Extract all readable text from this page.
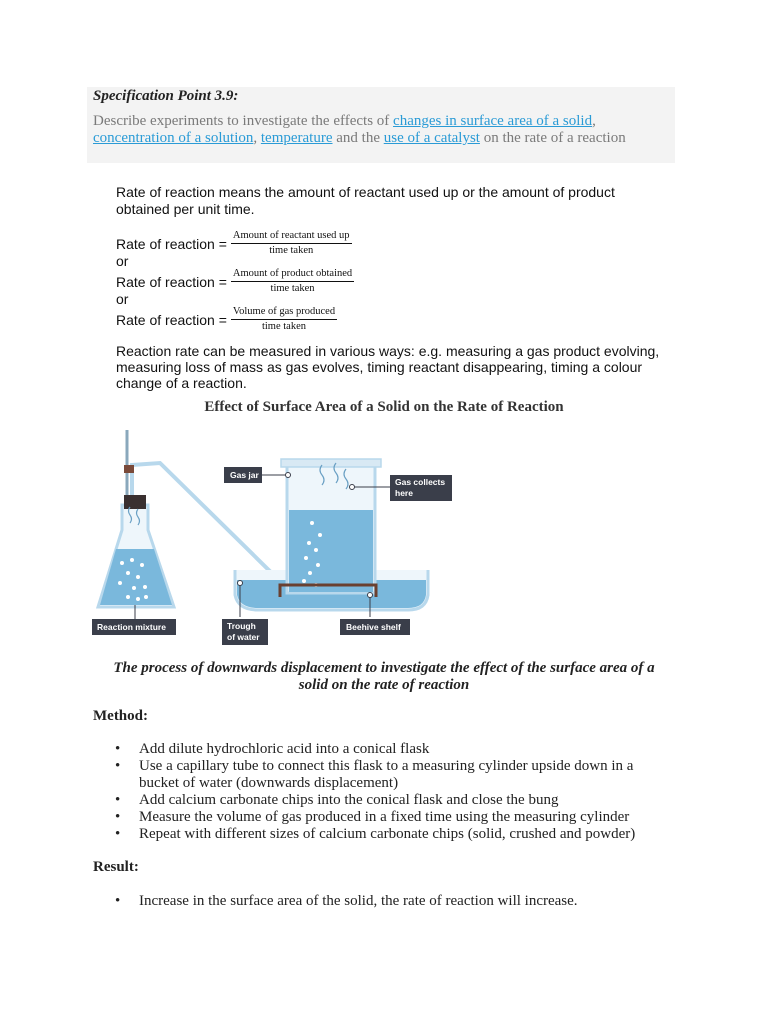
Specification Point 3.9:
Describe experiments to investigate the effects of changes in surface area of a solid, concentration of a solution, temperature and the use of a catalyst on the rate of a reaction
Rate of reaction means the amount of reactant used up or the amount of product obtained per unit time.
Rate of reaction = $\frac{\text{Amount of reactant used up}}{\text{time taken}}$
or
Rate of reaction = $\frac{\text{Amount of product obtained}}{\text{time taken}}$
or
Rate of reaction = $\frac{\text{Volume of gas produced}}{\text{time taken}}$
Reaction rate can be measured in various ways: e.g. measuring a gas product evolving, measuring loss of mass as gas evolves, timing reactant disappearing, timing a colour change of a reaction.
Effect of Surface Area of a Solid on the Rate of Reaction
Gas jar
Gas collects
here
Reaction mixture	Trough
of water
Beehive shelf
The process of downwards displacement to investigate the effect of the surface area of a solid on the rate of reaction
Method:
• Add dilute hydrochloric acid into a conical flask
• Use a capillary tube to connect this flask to a measuring cylinder upside down in a bucket of water (downwards displacement)
• Add calcium carbonate chips into the conical flask and close the bung
• Measure the volume of gas produced in a fixed time using the measuring cylinder
• Repeat with different sizes of calcium carbonate chips (solid, crushed and powder)
Result:
• Increase in the surface area of the solid, the rate of reaction will increase.
